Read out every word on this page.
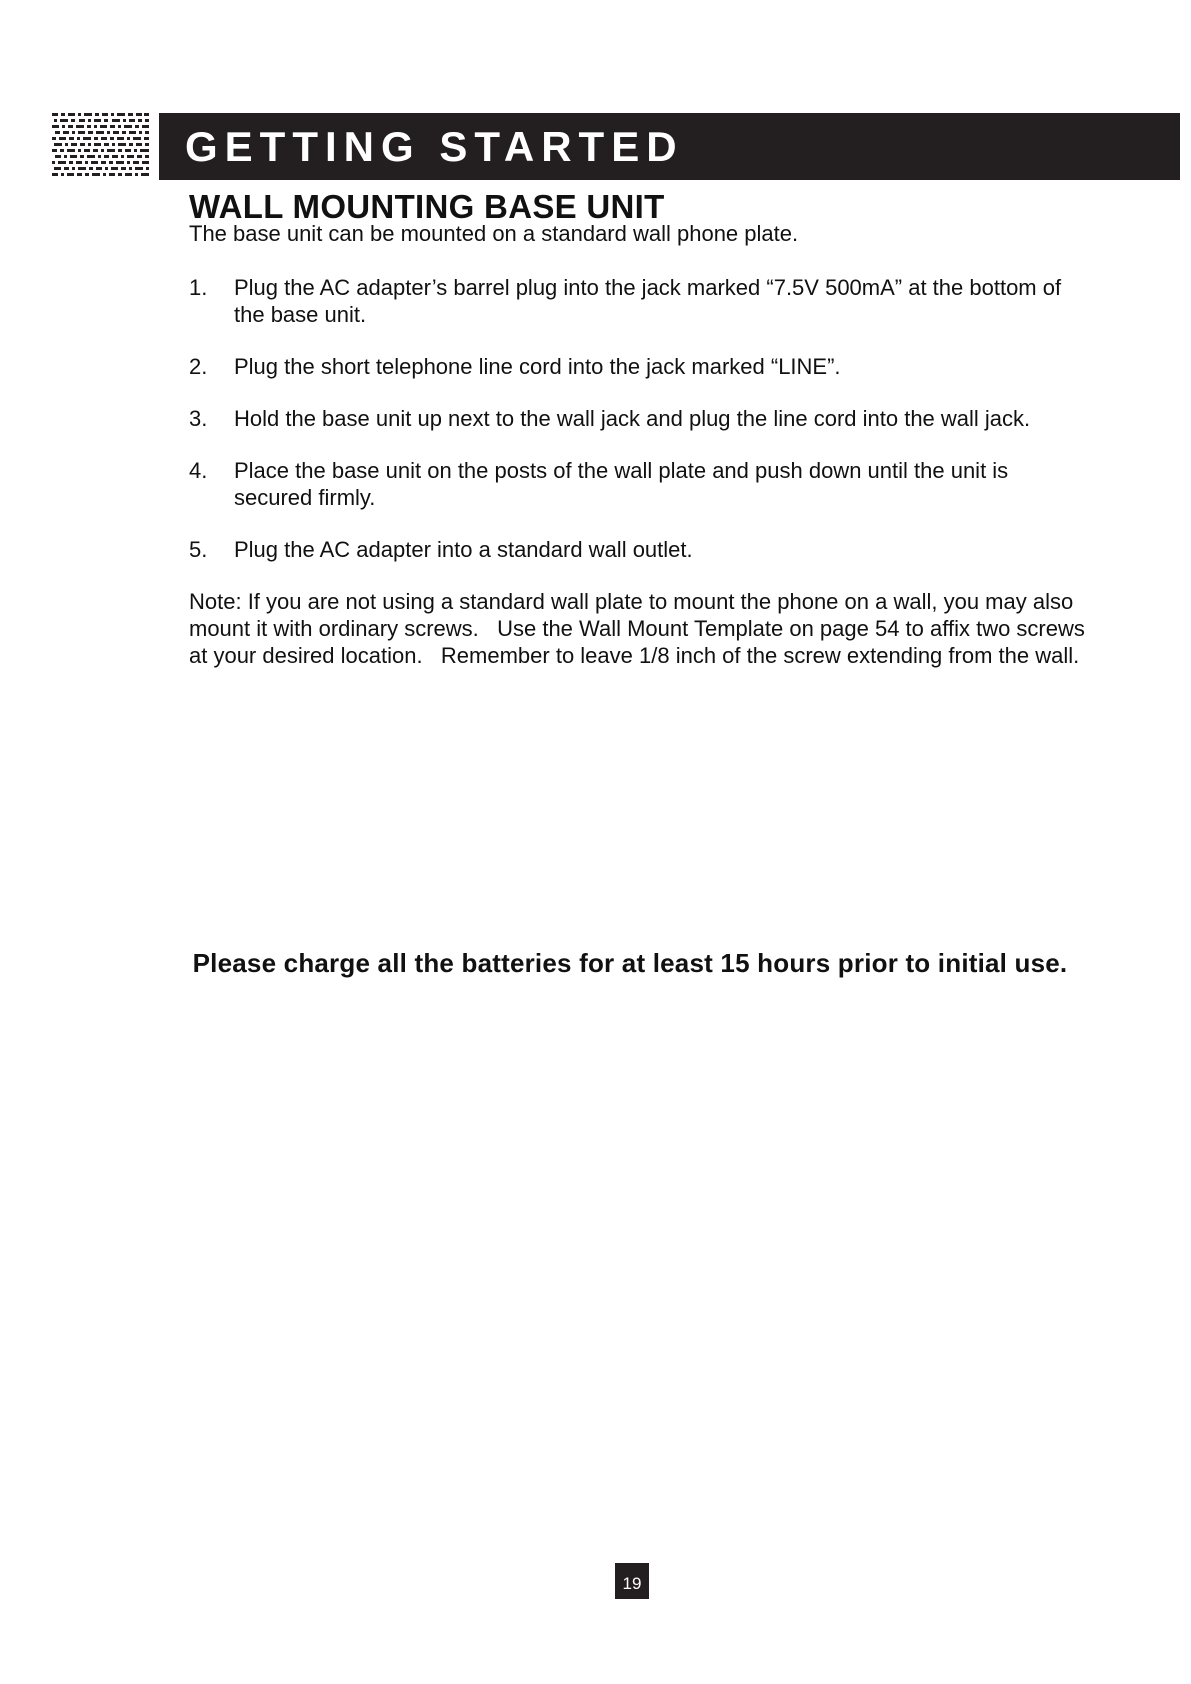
GETTING STARTED
WALL MOUNTING BASE UNIT

The base unit can be mounted on a standard wall phone plate.

1.	Plug the AC adapter’s barrel plug into the jack marked “7.5V 500mA” at the bottom of the base unit.
2.	Plug the short telephone line cord into the jack marked “LINE”.
3.	Hold the base unit up next to the wall jack and plug the line cord into the wall jack.
4.	Place the base unit on the posts of the wall plate and push down until the unit is secured firmly.
5.	Plug the AC adapter into a standard wall outlet.

Note: If you are not using a standard wall plate to mount the phone on a wall, you may also mount it with ordinary screws.   Use the Wall Mount Template on page 54 to affix two screws at your desired location.   Remember to leave 1/8 inch of the screw extending from the wall.

Please charge all the batteries for at least 15 hours prior to initial use.

19
